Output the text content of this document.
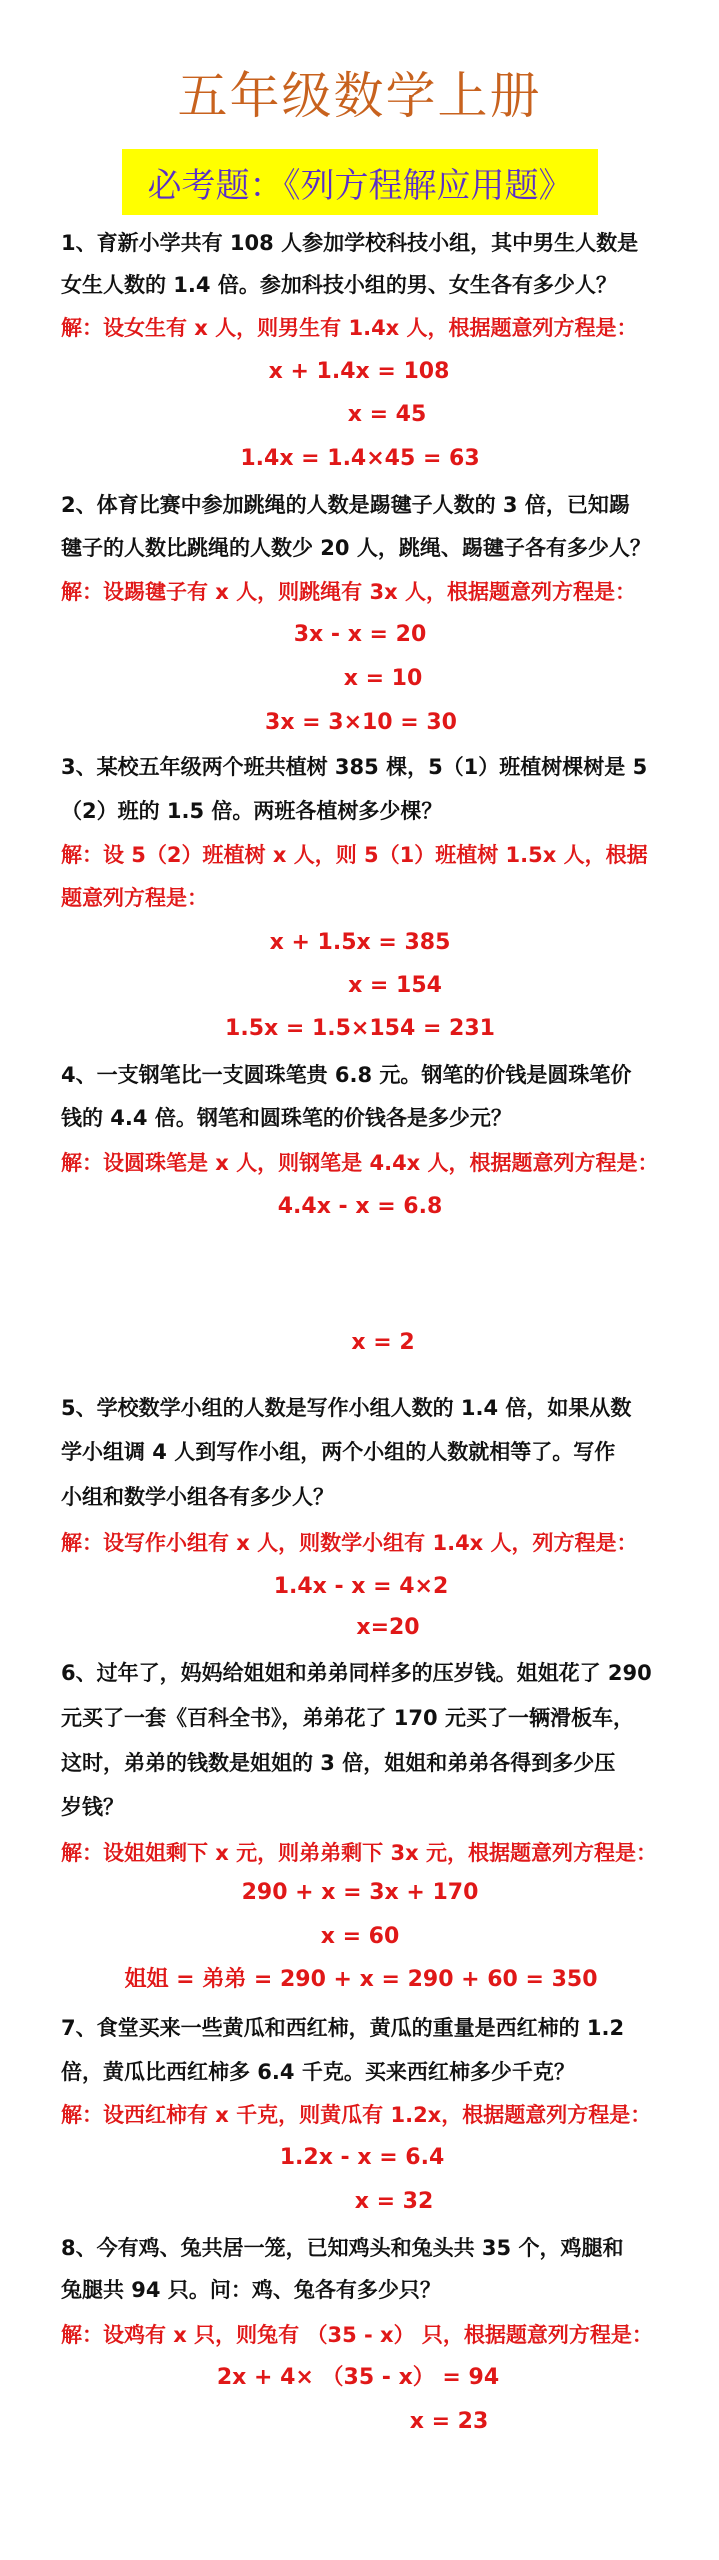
五年级数学上册
必考题：《列方程解应用题》
1、育新小学共有 108 人参加学校科技小组，其中男生人数是
女生人数的 1.4 倍。参加科技小组的男、女生各有多少人？
解：设女生有 x 人，则男生有 1.4x 人，根据题意列方程是：
x + 1.4x = 108
x = 45
1.4x = 1.4×45 = 63
2、体育比赛中参加跳绳的人数是踢毽子人数的 3 倍，已知踢
毽子的人数比跳绳的人数少 20 人，跳绳、踢毽子各有多少人？
解：设踢毽子有 x 人，则跳绳有 3x 人，根据题意列方程是：
3x - x = 20
x = 10
3x = 3×10 = 30
3、某校五年级两个班共植树 385 棵，5（1）班植树棵树是 5
（2）班的 1.5 倍。两班各植树多少棵？
解：设 5（2）班植树 x 人，则 5（1）班植树 1.5x 人，根据
题意列方程是：
x + 1.5x = 385
x = 154
1.5x = 1.5×154 = 231
4、一支钢笔比一支圆珠笔贵 6.8 元。钢笔的价钱是圆珠笔价
钱的 4.4 倍。钢笔和圆珠笔的价钱各是多少元？
解：设圆珠笔是 x 人，则钢笔是 4.4x 人，根据题意列方程是：
4.4x - x = 6.8
x = 2
5、学校数学小组的人数是写作小组人数的 1.4 倍，如果从数
学小组调 4 人到写作小组，两个小组的人数就相等了。写作
小组和数学小组各有多少人？
解：设写作小组有 x 人，则数学小组有 1.4x 人，列方程是：
1.4x - x = 4×2
x=20
6、过年了，妈妈给姐姐和弟弟同样多的压岁钱。姐姐花了 290
元买了一套《百科全书》，弟弟花了 170 元买了一辆滑板车，
这时，弟弟的钱数是姐姐的 3 倍，姐姐和弟弟各得到多少压
岁钱？
解：设姐姐剩下 x 元，则弟弟剩下 3x 元，根据题意列方程是：
290 + x = 3x + 170
x = 60
姐姐 = 弟弟 = 290 + x = 290 + 60 = 350
7、食堂买来一些黄瓜和西红柿，黄瓜的重量是西红柿的 1.2
倍，黄瓜比西红柿多 6.4 千克。买来西红柿多少千克？
解：设西红柿有 x 千克，则黄瓜有 1.2x，根据题意列方程是：
1.2x - x = 6.4
x = 32
8、今有鸡、兔共居一笼，已知鸡头和兔头共 35 个，鸡腿和
兔腿共 94 只。问：鸡、兔各有多少只？
解：设鸡有 x 只，则兔有 （35 - x） 只，根据题意列方程是：
2x + 4× （35 - x） = 94
x = 23
